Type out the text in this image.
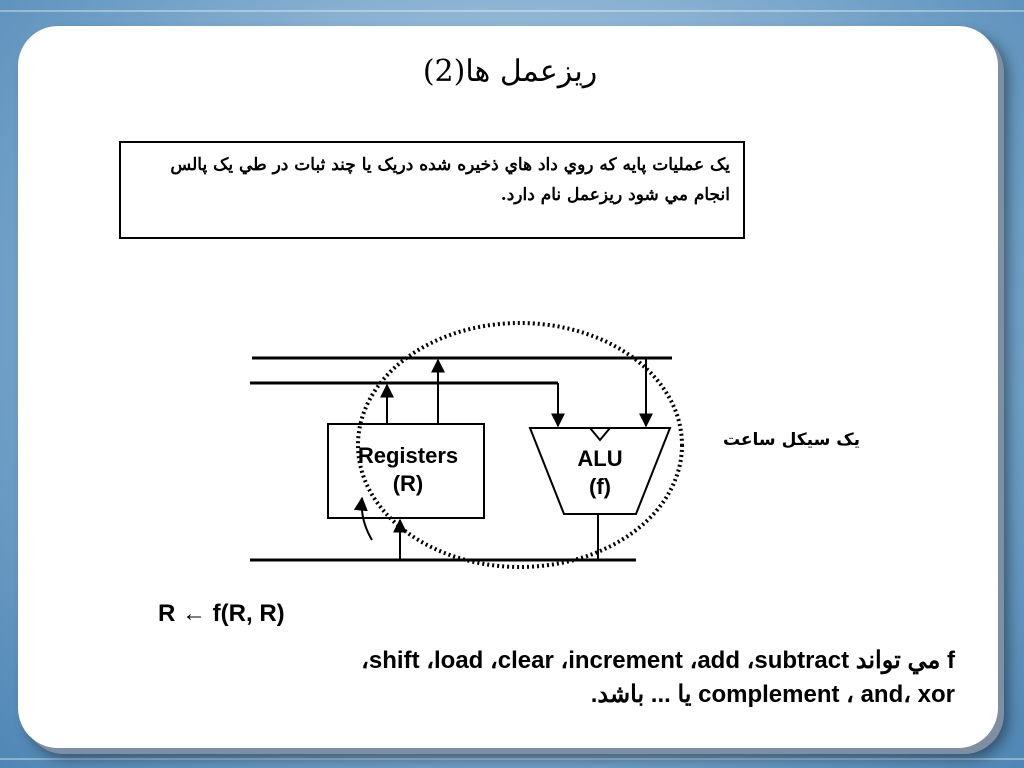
ريزعمل ها(2)
يک عمليات پايه که روي داد هاي ذخيره شده دريک يا چند ثبات در طي يک پالس انجام مي شود ريزعمل نام دارد.
Registers
(R)
ALU
(f)
يک سيکل ساعت
R ← f(R, R)
f مي تواند shift ،load ،clear ،increment ،add ،subtract،
complement ، and، xor يا ... باشد.
